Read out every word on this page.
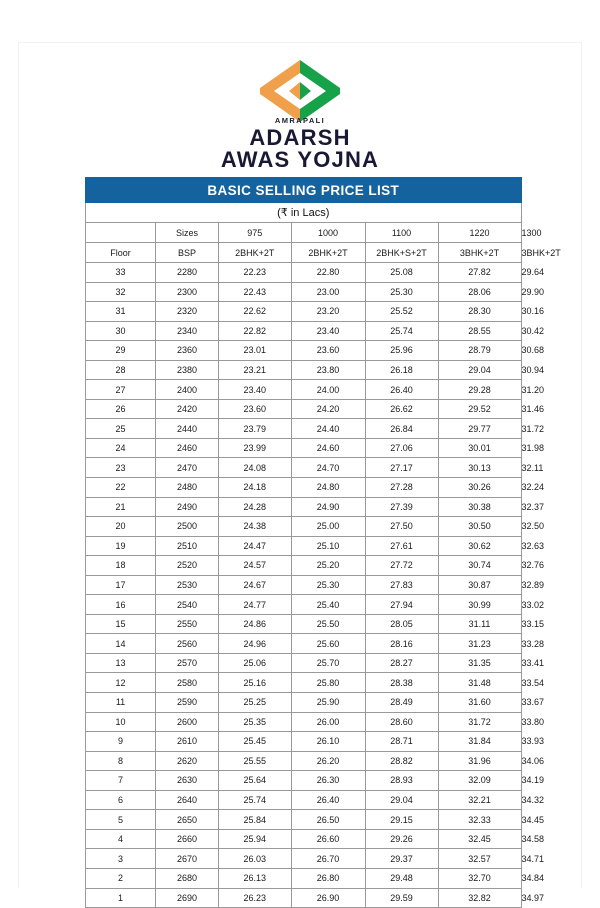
AMRAPALI
ADARSH
AWAS YOJNA
BASIC SELLING PRICE LIST						
(₹ in Lacs)						
	Sizes	975	1000	1100	1220	1300
Floor	BSP	2BHK+2T	2BHK+2T	2BHK+S+2T	3BHK+2T	3BHK+2T
33	2280	22.23	22.80	25.08	27.82	29.64
32	2300	22.43	23.00	25.30	28.06	29.90
31	2320	22.62	23.20	25.52	28.30	30.16
30	2340	22.82	23.40	25.74	28.55	30.42
29	2360	23.01	23.60	25.96	28.79	30.68
28	2380	23.21	23.80	26.18	29.04	30.94
27	2400	23.40	24.00	26.40	29.28	31.20
26	2420	23.60	24.20	26.62	29.52	31.46
25	2440	23.79	24.40	26.84	29.77	31.72
24	2460	23.99	24.60	27.06	30.01	31.98
23	2470	24.08	24.70	27.17	30.13	32.11
22	2480	24.18	24.80	27.28	30.26	32.24
21	2490	24.28	24.90	27.39	30.38	32.37
20	2500	24.38	25.00	27.50	30.50	32.50
19	2510	24.47	25.10	27.61	30.62	32.63
18	2520	24.57	25.20	27.72	30.74	32.76
17	2530	24.67	25.30	27.83	30.87	32.89
16	2540	24.77	25.40	27.94	30.99	33.02
15	2550	24.86	25.50	28.05	31.11	33.15
14	2560	24.96	25.60	28.16	31.23	33.28
13	2570	25.06	25.70	28.27	31.35	33.41
12	2580	25.16	25.80	28.38	31.48	33.54
11	2590	25.25	25.90	28.49	31.60	33.67
10	2600	25.35	26.00	28.60	31.72	33.80
9	2610	25.45	26.10	28.71	31.84	33.93
8	2620	25.55	26.20	28.82	31.96	34.06
7	2630	25.64	26.30	28.93	32.09	34.19
6	2640	25.74	26.40	29.04	32.21	34.32
5	2650	25.84	26.50	29.15	32.33	34.45
4	2660	25.94	26.60	29.26	32.45	34.58
3	2670	26.03	26.70	29.37	32.57	34.71
2	2680	26.13	26.80	29.48	32.70	34.84
1	2690	26.23	26.90	29.59	32.82	34.97
